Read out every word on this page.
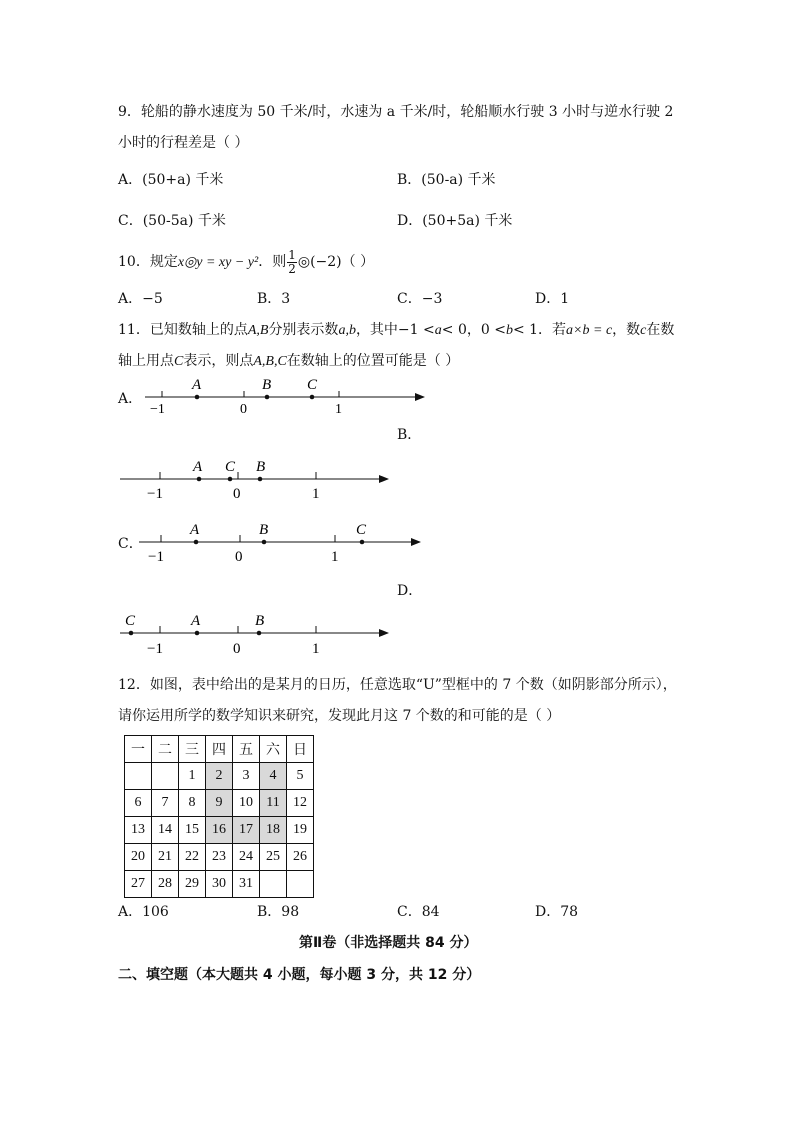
9．轮船的静水速度为 50 千米/时，水速为 a 千米/时，轮船顺水行驶 3 小时与逆水行驶 2
小时的行程差是（ ）
A．(50+a) 千米	B．(50-a) 千米
C．(50-5a) 千米	D．(50+5a) 千米
10．规定x◎y = xy − y²．则 $\frac{1}{2}$ ◎(−2)（ ）
A．−5	B．3	C．−3	D．1
11．已知数轴上的点A,B分别表示数a,b，其中−1 <a< 0，0 <b< 1．若a×b = c，数c在数
轴上用点C表示，则点A,B,C在数轴上的位置可能是（ ）
A．
B．
C．
D．
A	B C
−1	0	1
A C B
−1	0	1
A	B	C
−1	0	1
C	A	B
−1	0	1
12．如图，表中给出的是某月的日历，任意选取“U”型框中的 7 个数（如阴影部分所示），
请你运用所学的数学知识来研究，发现此月这 7 个数的和可能的是（ ）
一	二	三	四	五	六	日
		1	2	3	4	5
6	7	8	9	10	11	12
13	14	15	16	17	18	19
20	21	22	23	24	25	26
27	28	29	30	31		
A．106	B．98	C．84	D．78
第Ⅱ卷（非选择题共 84 分）
二、填空题（本大题共 4 小题，每小题 3 分，共 12 分）
